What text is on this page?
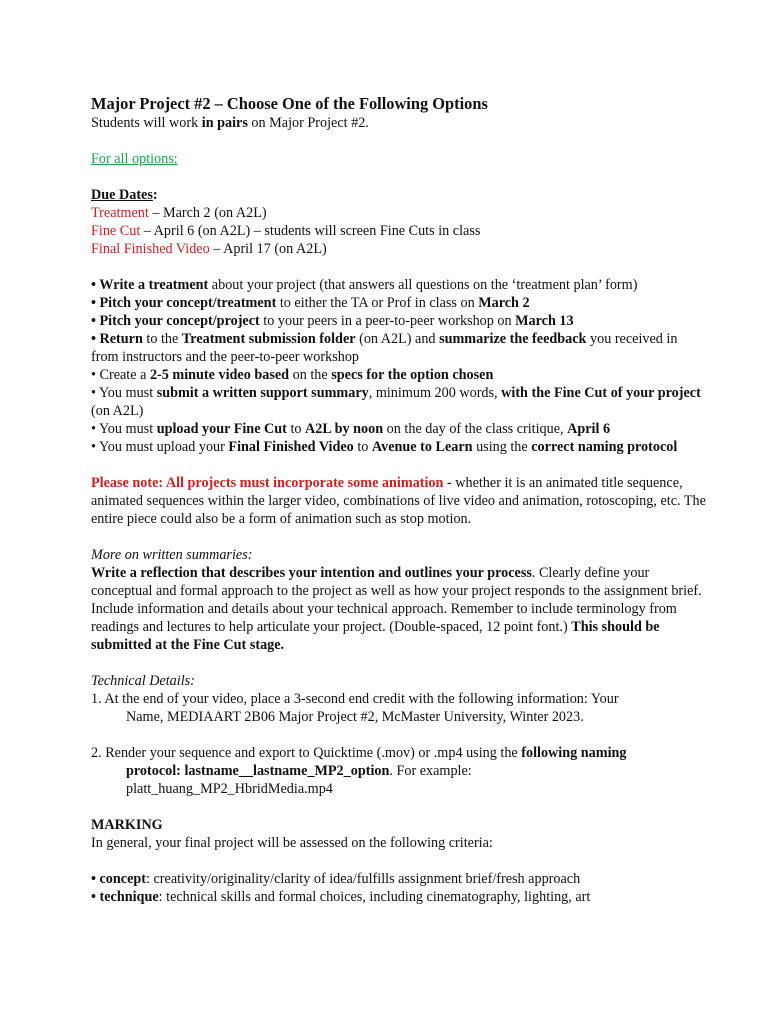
Major Project #2 – Choose One of the Following Options

Students will work in pairs on Major Project #2.

For all options:

Due Dates:

Treatment – March 2 (on A2L)

Fine Cut – April 6 (on A2L) – students will screen Fine Cuts in class

Final Finished Video – April 17 (on A2L)

• Write a treatment about your project (that answers all questions on the ‘treatment plan’ form)

• Pitch your concept/treatment to either the TA or Prof in class on March 2

• Pitch your concept/project to your peers in a peer-to-peer workshop on March 13

• Return to the Treatment submission folder (on A2L) and summarize the feedback you received in from instructors and the peer-to-peer workshop

• Create a 2-5 minute video based on the specs for the option chosen

• You must submit a written support summary, minimum 200 words, with the Fine Cut of your project (on A2L)

• You must upload your Fine Cut to A2L by noon on the day of the class critique, April 6

• You must upload your Final Finished Video to Avenue to Learn using the correct naming protocol

Please note: All projects must incorporate some animation - whether it is an animated title sequence, animated sequences within the larger video, combinations of live video and animation, rotoscoping, etc. The entire piece could also be a form of animation such as stop motion.

More on written summaries:

Write a reflection that describes your intention and outlines your process. Clearly define your conceptual and formal approach to the project as well as how your project responds to the assignment brief. Include information and details about your technical approach. Remember to include terminology from readings and lectures to help articulate your project. (Double-spaced, 12 point font.) This should be submitted at the Fine Cut stage.

Technical Details:

1. At the end of your video, place a 3-second end credit with the following information: Your

Name, MEDIAART 2B06 Major Project #2, McMaster University, Winter 2023.

2. Render your sequence and export to Quicktime (.mov) or .mp4 using the following naming

protocol: lastname__lastname_MP2_option. For example:

platt_huang_MP2_HbridMedia.mp4

MARKING

In general, your final project will be assessed on the following criteria:

• concept: creativity/originality/clarity of idea/fulfills assignment brief/fresh approach

• technique: technical skills and formal choices, including cinematography, lighting, art
